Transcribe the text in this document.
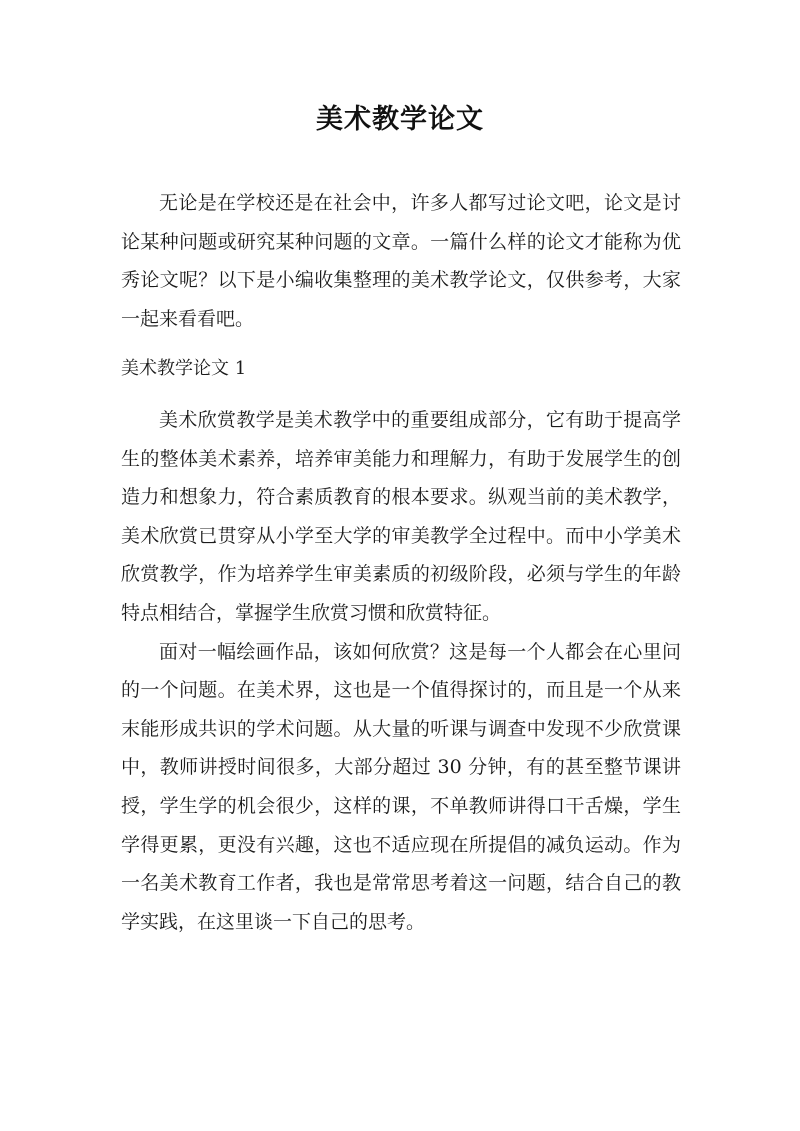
美术教学论文

无论是在学校还是在社会中，许多人都写过论文吧，论文是讨论某种问题或研究某种问题的文章。一篇什么样的论文才能称为优秀论文呢？以下是小编收集整理的美术教学论文，仅供参考，大家一起来看看吧。

美术教学论文 1

美术欣赏教学是美术教学中的重要组成部分，它有助于提高学生的整体美术素养，培养审美能力和理解力，有助于发展学生的创造力和想象力，符合素质教育的根本要求。纵观当前的美术教学，美术欣赏已贯穿从小学至大学的审美教学全过程中。而中小学美术欣赏教学，作为培养学生审美素质的初级阶段，必须与学生的年龄特点相结合，掌握学生欣赏习惯和欣赏特征。

面对一幅绘画作品，该如何欣赏？这是每一个人都会在心里问的一个问题。在美术界，这也是一个值得探讨的，而且是一个从来末能形成共识的学术问题。从大量的听课与调查中发现不少欣赏课中，教师讲授时间很多，大部分超过 30 分钟，有的甚至整节课讲授，学生学的机会很少，这样的课，不单教师讲得口干舌燥，学生学得更累，更没有兴趣，这也不适应现在所提倡的减负运动。作为一名美术教育工作者，我也是常常思考着这一问题，结合自己的教学实践，在这里谈一下自己的思考。
